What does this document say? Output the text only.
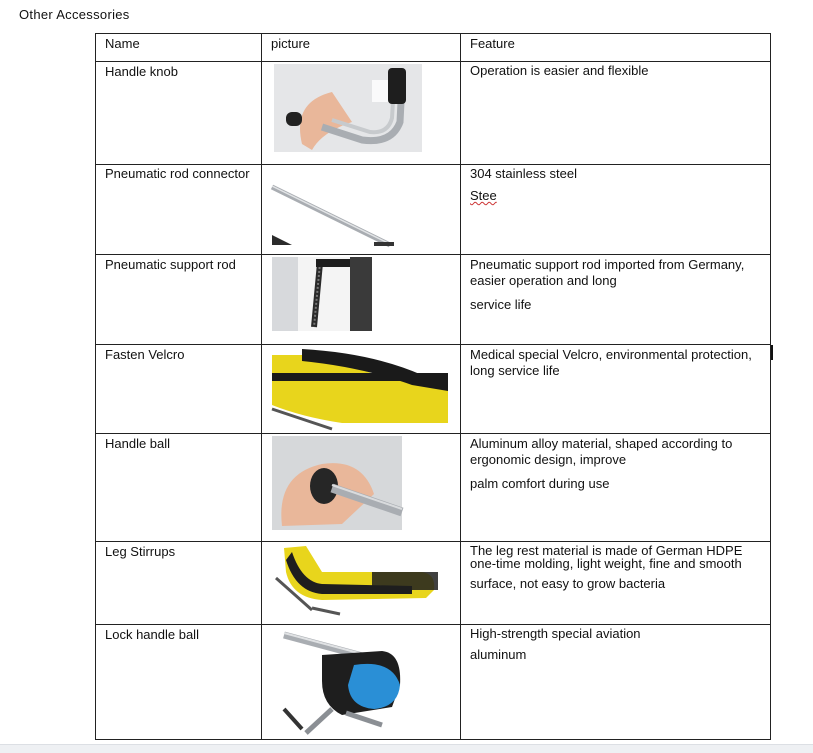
Other Accessories
Name	picture	Feature
Handle knob		Operation is easier and flexible

Pneumatic rod connector		304 stainless steel

Stee

Pneumatic support rod		Pneumatic support rod imported from Germany, easier operation and long

service life

Fasten Velcro		Medical special Velcro, environmental protection, long service life

Handle ball		Aluminum alloy material, shaped according to ergonomic design, improve

palm comfort during use

Leg Stirrups		The leg rest material is made of German HDPE one-time molding, light weight, fine and smooth

surface, not easy to grow bacteria

Lock handle ball		High-strength special aviation

aluminum
